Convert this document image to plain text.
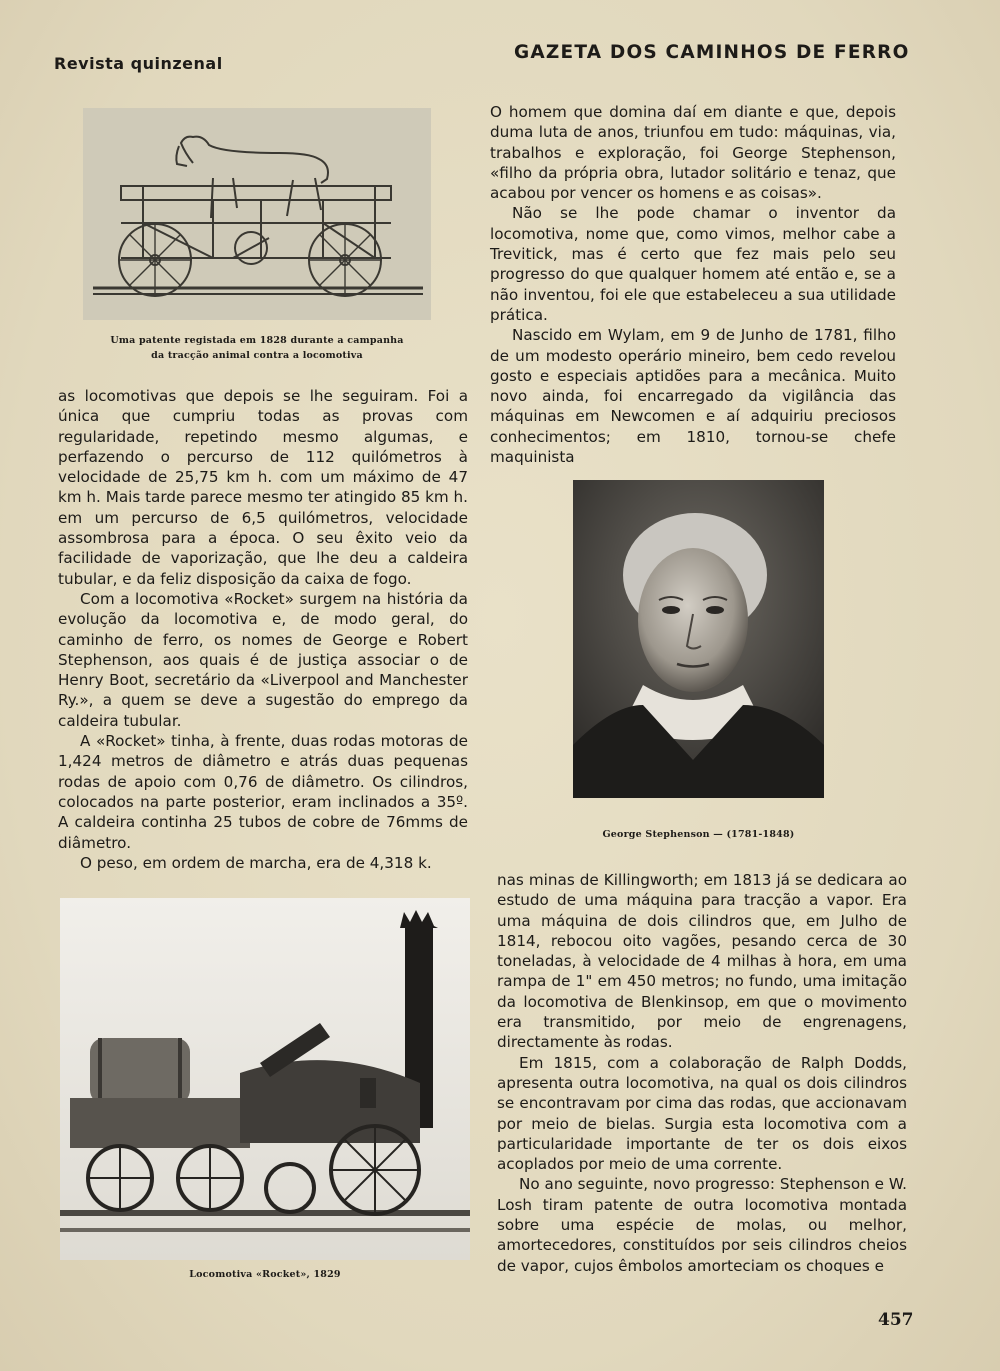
Revista quinzenal
GAZETA DOS CAMINHOS DE FERRO
Uma patente registada em 1828 durante a campanha
da tracção animal contra a locomotiva

as locomotivas que depois se lhe seguiram. Foi a única que cumpriu todas as provas com regularidade, repetindo mesmo algumas, e perfazendo o percurso de 112 quilómetros à velocidade de 25,75 km h. com um máximo de 47 km h. Mais tarde parece mesmo ter atingido 85 km h. em um percurso de 6,5 quilómetros, velocidade assombrosa para a época. O seu êxito veio da facilidade de vaporização, que lhe deu a caldeira tubular, e da feliz disposição da caixa de fogo.

Com a locomotiva «Rocket» surgem na história da evolução da locomotiva e, de modo geral, do caminho de ferro, os nomes de George e Robert Stephenson, aos quais é de justiça associar o de Henry Boot, secretário da «Liverpool and Manchester Ry.», a quem se deve a sugestão do emprego da caldeira tubular.

A «Rocket» tinha, à frente, duas rodas motoras de 1,424 metros de diâmetro e atrás duas pequenas rodas de apoio com 0,76 de diâmetro. Os cilindros, colocados na parte posterior, eram inclinados a 35º. A caldeira continha 25 tubos de cobre de 76mms de diâmetro.

O peso, em ordem de marcha, era de 4,318 k.

O homem que domina daí em diante e que, depois duma luta de anos, triunfou em tudo: máquinas, via, trabalhos e exploração, foi George Stephenson, «filho da própria obra, lutador solitário e tenaz, que acabou por vencer os homens e as coisas».

Não se lhe pode chamar o inventor da locomotiva, nome que, como vimos, melhor cabe a Trevitick, mas é certo que fez mais pelo seu progresso do que qualquer homem até então e, se a não inventou, foi ele que estabeleceu a sua utilidade prática.

Nascido em Wylam, em 9 de Junho de 1781, filho de um modesto operário mineiro, bem cedo revelou gosto e especiais aptidões para a mecânica. Muito novo ainda, foi encarregado da vigilância das máquinas em Newcomen e aí adquiriu preciosos conhecimentos; em 1810, tornou-se chefe maquinista

George Stephenson — (1781-1848)
Locomotiva «Rocket», 1829

nas minas de Killingworth; em 1813 já se dedicara ao estudo de uma máquina para tracção a vapor. Era uma máquina de dois cilindros que, em Julho de 1814, rebocou oito vagões, pesando cerca de 30 toneladas, à velocidade de 4 milhas à hora, em uma rampa de 1" em 450 metros; no fundo, uma imitação da locomotiva de Blenkinsop, em que o movimento era transmitido, por meio de engrenagens, directamente às rodas.

Em 1815, com a colaboração de Ralph Dodds, apresenta outra locomotiva, na qual os dois cilindros se encontravam por cima das rodas, que accionavam por meio de bielas. Surgia esta locomotiva com a particularidade importante de ter os dois eixos acoplados por meio de uma corrente.

No ano seguinte, novo progresso: Stephenson e W. Losh tiram patente de outra locomotiva montada sobre uma espécie de molas, ou melhor, amortecedores, constituídos por seis cilindros cheios de vapor, cujos êmbolos amorteciam os choques e

457
